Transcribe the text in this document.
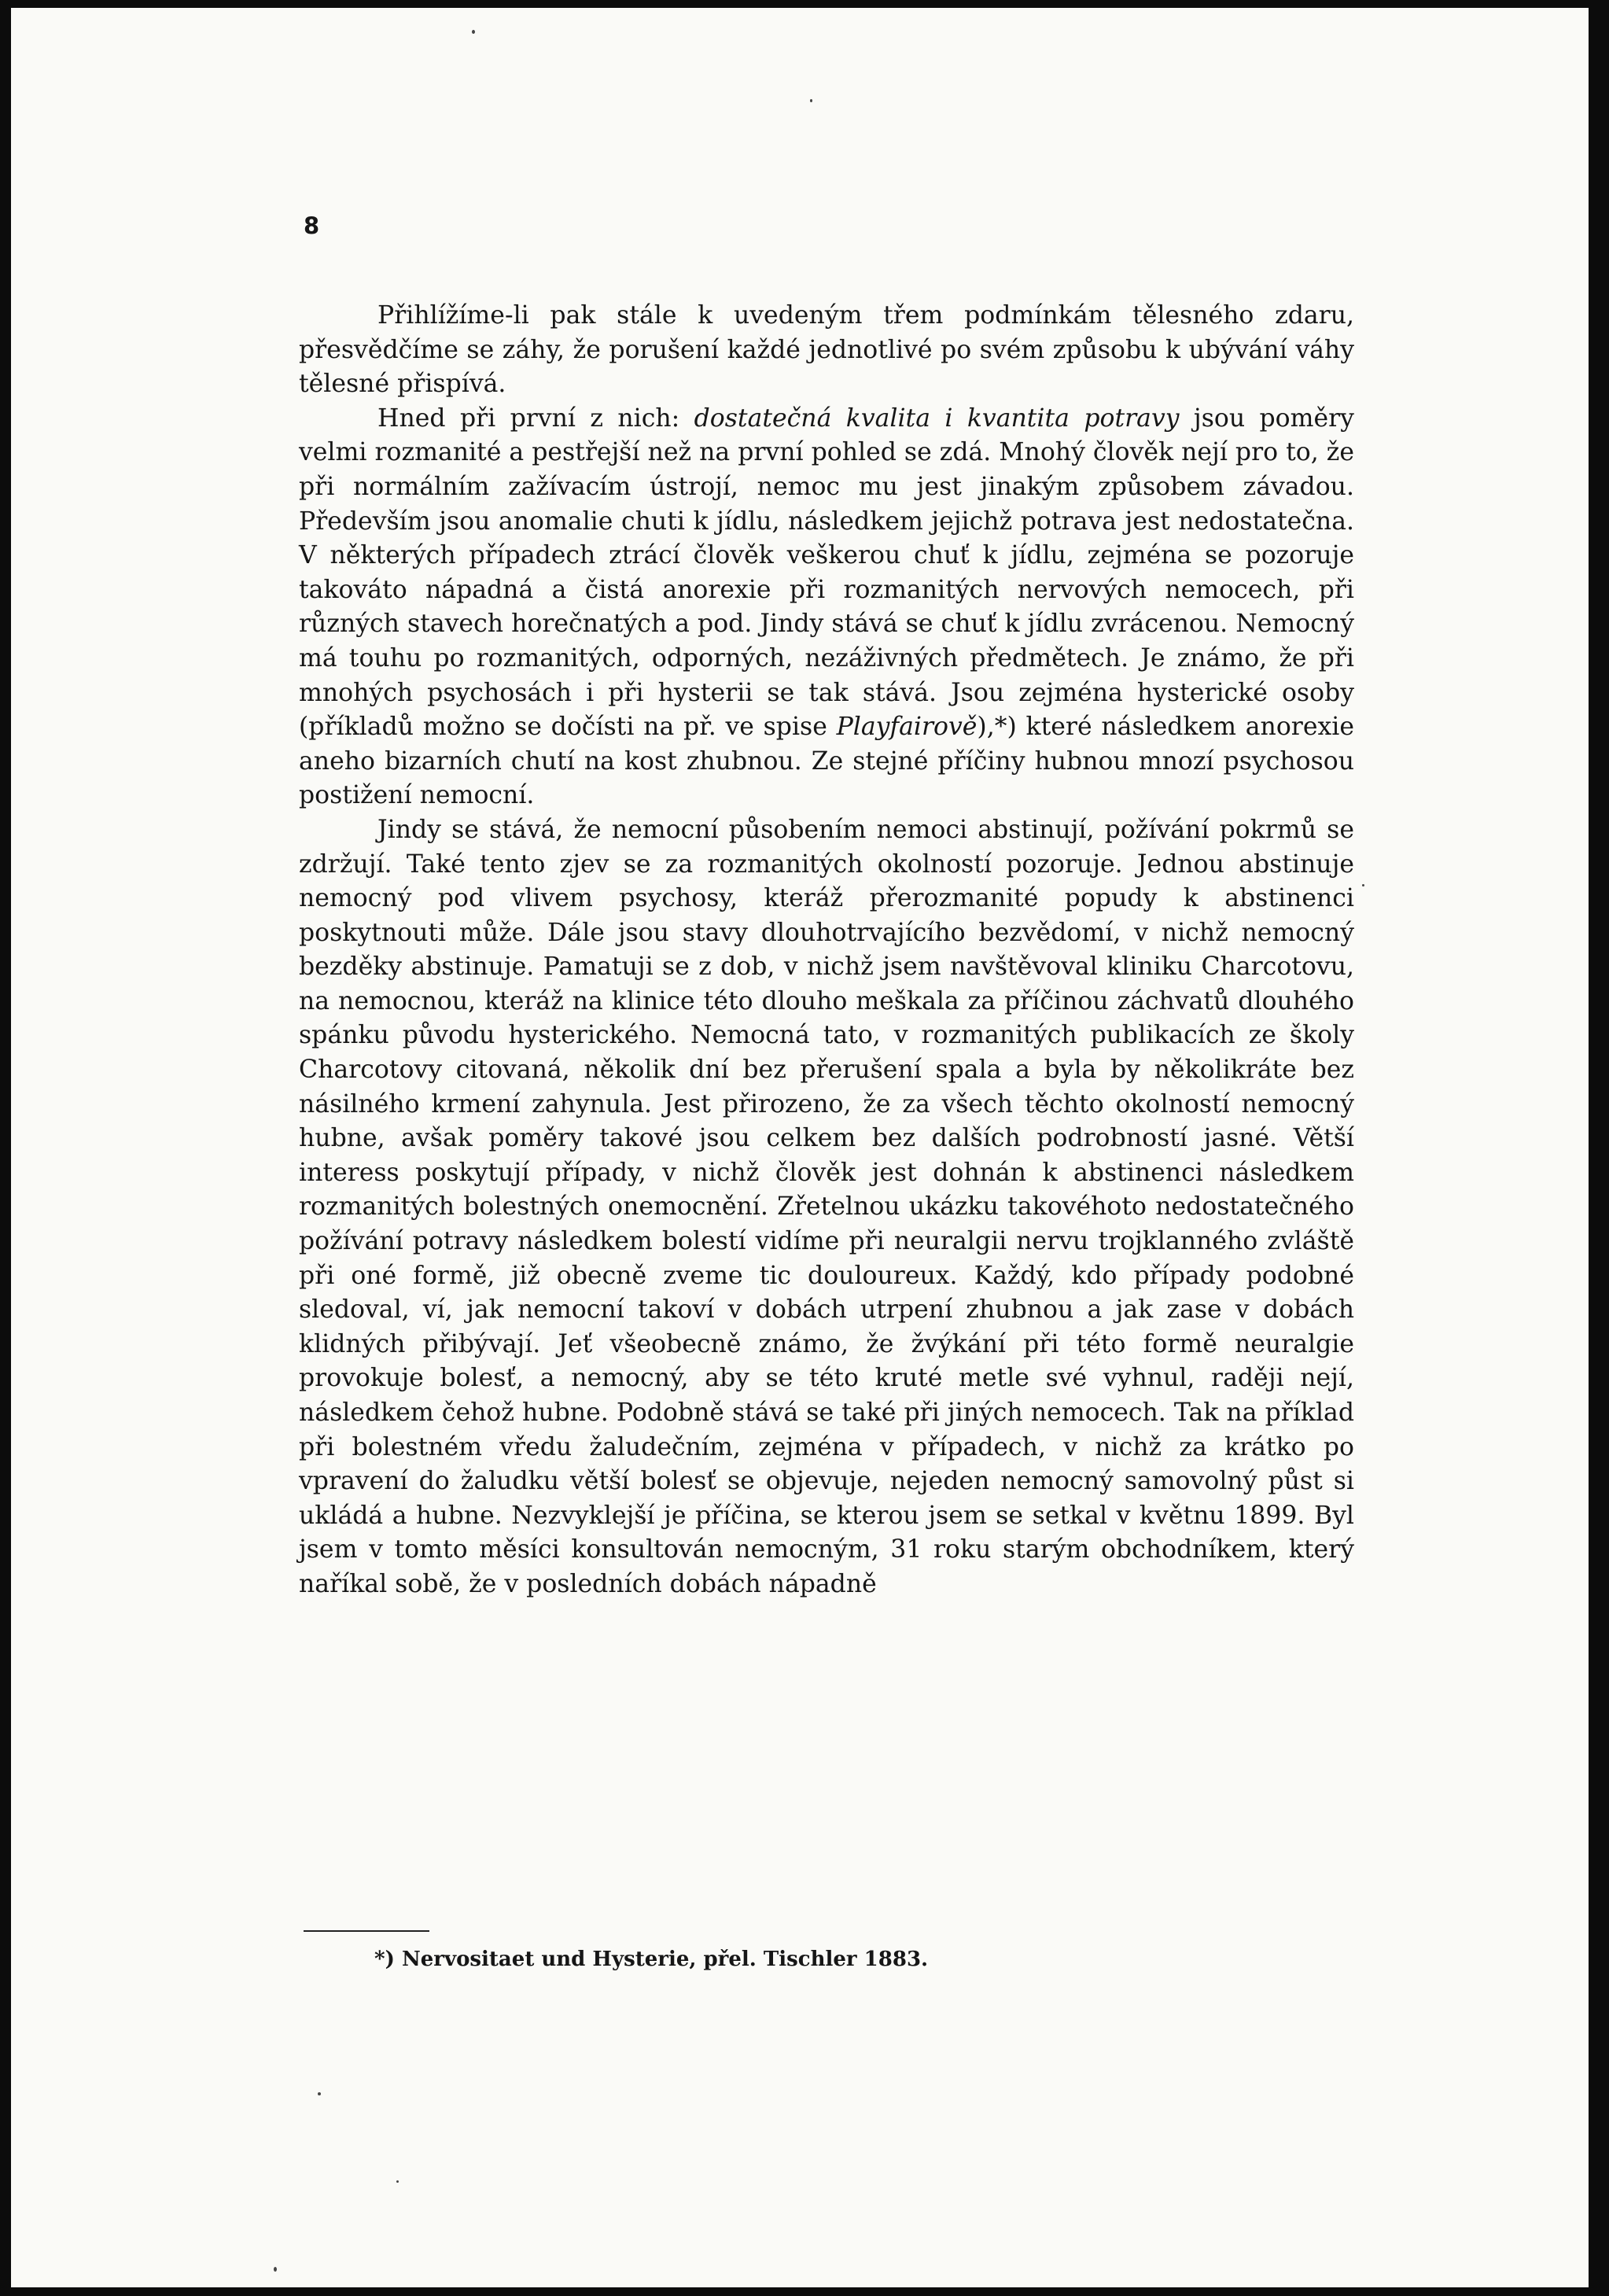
8

Přihlížíme-li pak stále k uvedeným třem podmínkám tělesného zdaru, přesvědčíme se záhy, že porušení každé jednotlivé po svém způsobu k ubývání váhy tělesné přispívá.

Hned při první z nich: dostatečná kvalita i kvantita potravy jsou poměry velmi rozmanité a pestřejší než na první pohled se zdá. Mnohý člověk nejí pro to, že při normálním zažívacím ústrojí, nemoc mu jest jinakým způsobem závadou. Především jsou anomalie chuti k jídlu, následkem jejichž potrava jest nedostatečna. V některých případech ztrácí člověk veškerou chuť k jídlu, zejména se pozoruje takováto nápadná a čistá anorexie při rozmanitých nervových nemocech, při různých stavech horečnatých a pod. Jindy stává se chuť k jídlu zvrácenou. Nemocný má touhu po rozmanitých, odporných, nezáživných předmětech. Je známo, že při mnohých psychosách i při hysterii se tak stává. Jsou zejména hysterické osoby (příkladů možno se dočísti na př. ve spise Playfairově),*) které následkem anorexie aneho bizarních chutí na kost zhubnou. Ze stejné příčiny hubnou mnozí psychosou postižení nemocní.

Jindy se stává, že nemocní působením nemoci abstinují, požívání pokrmů se zdržují. Také tento zjev se za rozmanitých okolností pozoruje. Jednou abstinuje nemocný pod vlivem psychosy, kteráž přerozmanité popudy k abstinenci poskytnouti může. Dále jsou stavy dlouhotrvajícího bezvědomí, v nichž nemocný bezděky abstinuje. Pamatuji se z dob, v nichž jsem navštěvoval kliniku Charcotovu, na nemocnou, kteráž na klinice této dlouho meškala za příčinou záchvatů dlouhého spánku původu hysterického. Nemocná tato, v rozmanitých publikacích ze školy Charcotovy citovaná, několik dní bez přerušení spala a byla by několikráte bez násilného krmení zahynula. Jest přirozeno, že za všech těchto okolností nemocný hubne, avšak poměry takové jsou celkem bez dalších podrobností jasné. Větší interess poskytují případy, v nichž člověk jest dohnán k abstinenci následkem rozmanitých bolestných onemocnění. Zřetelnou ukázku takovéhoto nedostatečného požívání potravy následkem bolestí vidíme při neuralgii nervu trojklanného zvláště při oné formě, již obecně zveme tic douloureux. Každý, kdo případy podobné sledoval, ví, jak nemocní takoví v dobách utrpení zhubnou a jak zase v dobách klidných přibývají. Jeť všeobecně známo, že žvýkání při této formě neuralgie provokuje bolesť, a nemocný, aby se této kruté metle své vyhnul, raději nejí, následkem čehož hubne. Podobně stává se také při jiných nemocech. Tak na příklad při bolestném vředu žaludečním, zejména v případech, v nichž za krátko po vpravení do žaludku větší bolesť se objevuje, nejeden nemocný samovolný půst si ukládá a hubne. Nezvyklejší je příčina, se kterou jsem se setkal v květnu 1899. Byl jsem v tomto měsíci konsultován nemocným, 31 roku starým obchodníkem, který naříkal sobě, že v posledních dobách nápadně

*) Nervositaet und Hysterie, přel. Tischler 1883.
